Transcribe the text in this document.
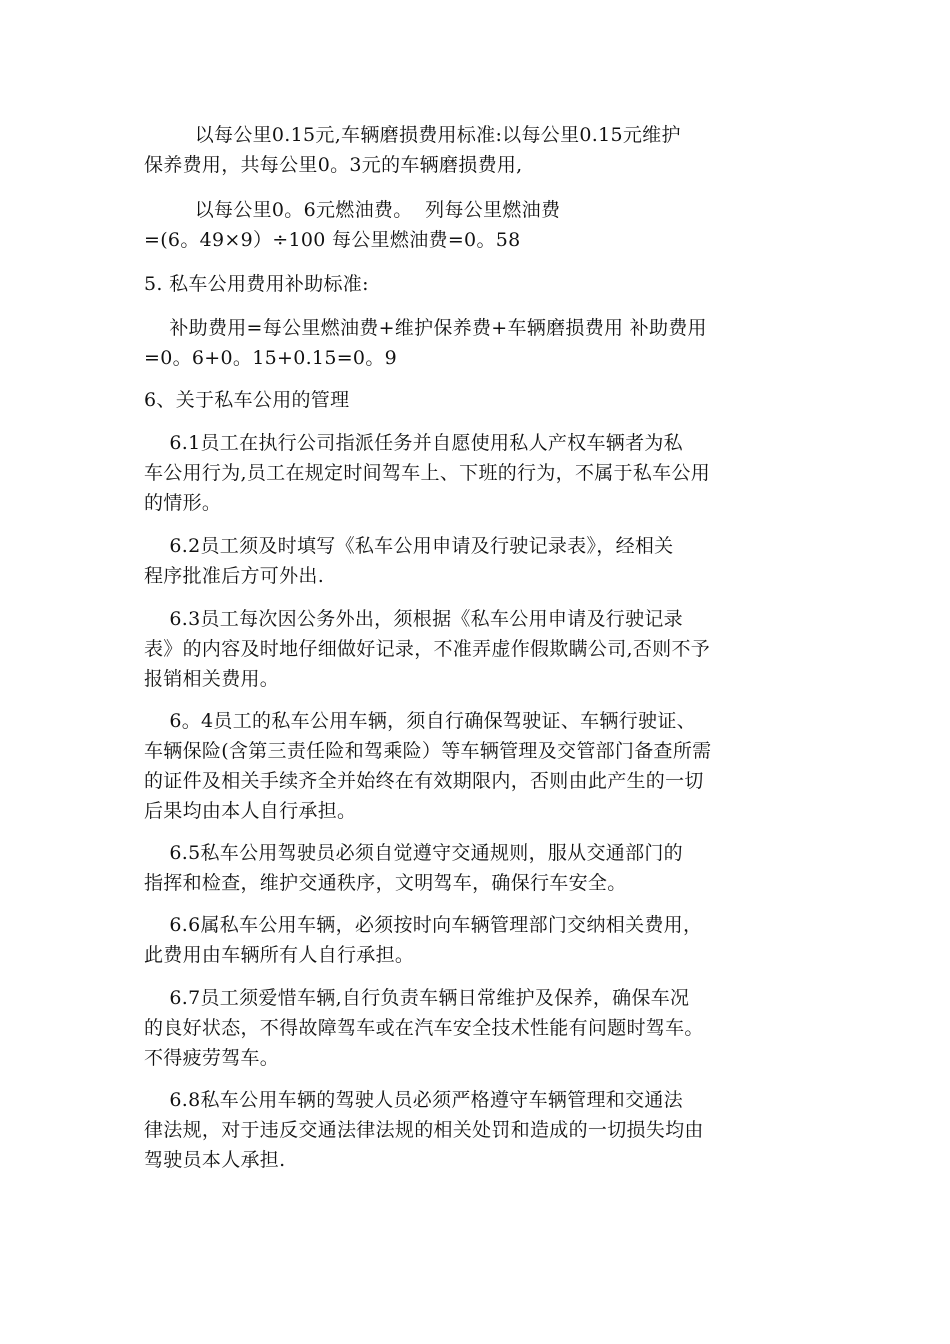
以每公里0.15元,车辆磨损费用标准:以每公里0.15元维护
保养费用，共每公里0。3元的车辆磨损费用,

以每公里0。6元燃油费。  列每公里燃油费
=(6。49×9）÷100 每公里燃油费=0。58

5. 私车公用费用补助标准:

补助费用=每公里燃油费+维护保养费+车辆磨损费用 补助费用
=0。6+0。15+0.15=0。9

6、关于私车公用的管理

6.1员工在执行公司指派任务并自愿使用私人产权车辆者为私
车公用行为,员工在规定时间驾车上、下班的行为，不属于私车公用
的情形。

6.2员工须及时填写《私车公用申请及行驶记录表》，经相关
程序批准后方可外出.

6.3员工每次因公务外出，须根据《私车公用申请及行驶记录
表》的内容及时地仔细做好记录，不准弄虚作假欺瞒公司,否则不予
报销相关费用。

6。4员工的私车公用车辆，须自行确保驾驶证、车辆行驶证、
车辆保险(含第三责任险和驾乘险）等车辆管理及交管部门备查所需
的证件及相关手续齐全并始终在有效期限内，否则由此产生的一切
后果均由本人自行承担。

6.5私车公用驾驶员必须自觉遵守交通规则，服从交通部门的
指挥和检查，维护交通秩序，文明驾车，确保行车安全。

6.6属私车公用车辆，必须按时向车辆管理部门交纳相关费用，
此费用由车辆所有人自行承担。

6.7员工须爱惜车辆,自行负责车辆日常维护及保养，确保车况
的良好状态，不得故障驾车或在汽车安全技术性能有问题时驾车。
不得疲劳驾车。

6.8私车公用车辆的驾驶人员必须严格遵守车辆管理和交通法
律法规，对于违反交通法律法规的相关处罚和造成的一切损失均由
驾驶员本人承担.
